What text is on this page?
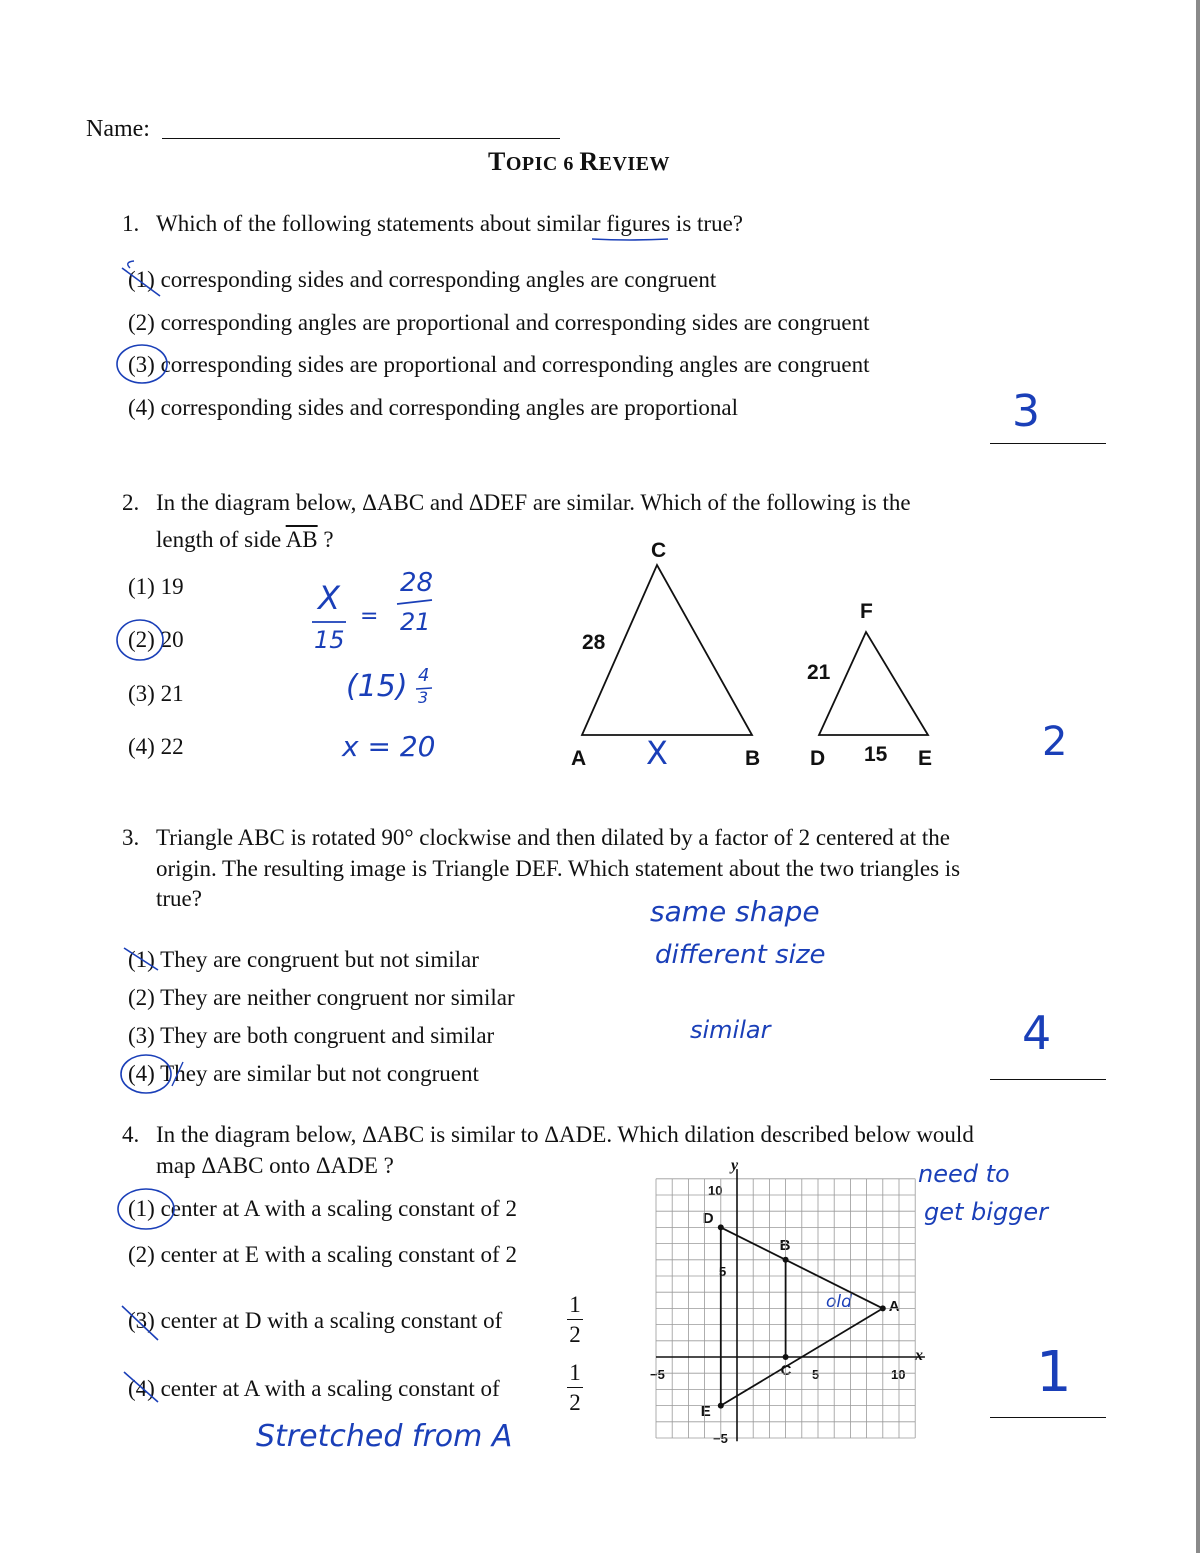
Name:
TOPIC 6 REVIEW
1. Which of the following statements about similar figures is true?
(1) corresponding sides and corresponding angles are congruent
(2) corresponding angles are proportional and corresponding sides are congruent
(3) corresponding sides are proportional and corresponding angles are congruent
(4) corresponding sides and corresponding angles are proportional	3
2. In the diagram below, ΔABC and ΔDEF are similar. Which of the following is the
length of side $\overline{AB}$ ?
(1) 19
(2) 20
(3) 21
(4) 22
X
15
=
28
21
(15) 4
3
x = 20	2
C
28
A X	B
F
21
D 15 E
3. Triangle ABC is rotated 90° clockwise and then dilated by a factor of 2 centered at the
origin. The resulting image is Triangle DEF. Which statement about the two triangles is
true?
(1) They are congruent but not similar
(2) They are neither congruent nor similar
(3) They are both congruent and similar
(4) They are similar but not congruent
same shape
different size
similar	4
4. In the diagram below, ΔABC is similar to ΔADE. Which dilation described below would
map ΔABC onto ΔADE ?
(1) center at A with a scaling constant of 2
(2) center at E with a scaling constant of 2
(3) center at D with a scaling constant of
1
2
(4) center at A with a scaling constant of
1
2
Stretched from A
need to
get bigger
1
y
x
10
5
−5
−5	5	10
old
D
B
A
C
E
